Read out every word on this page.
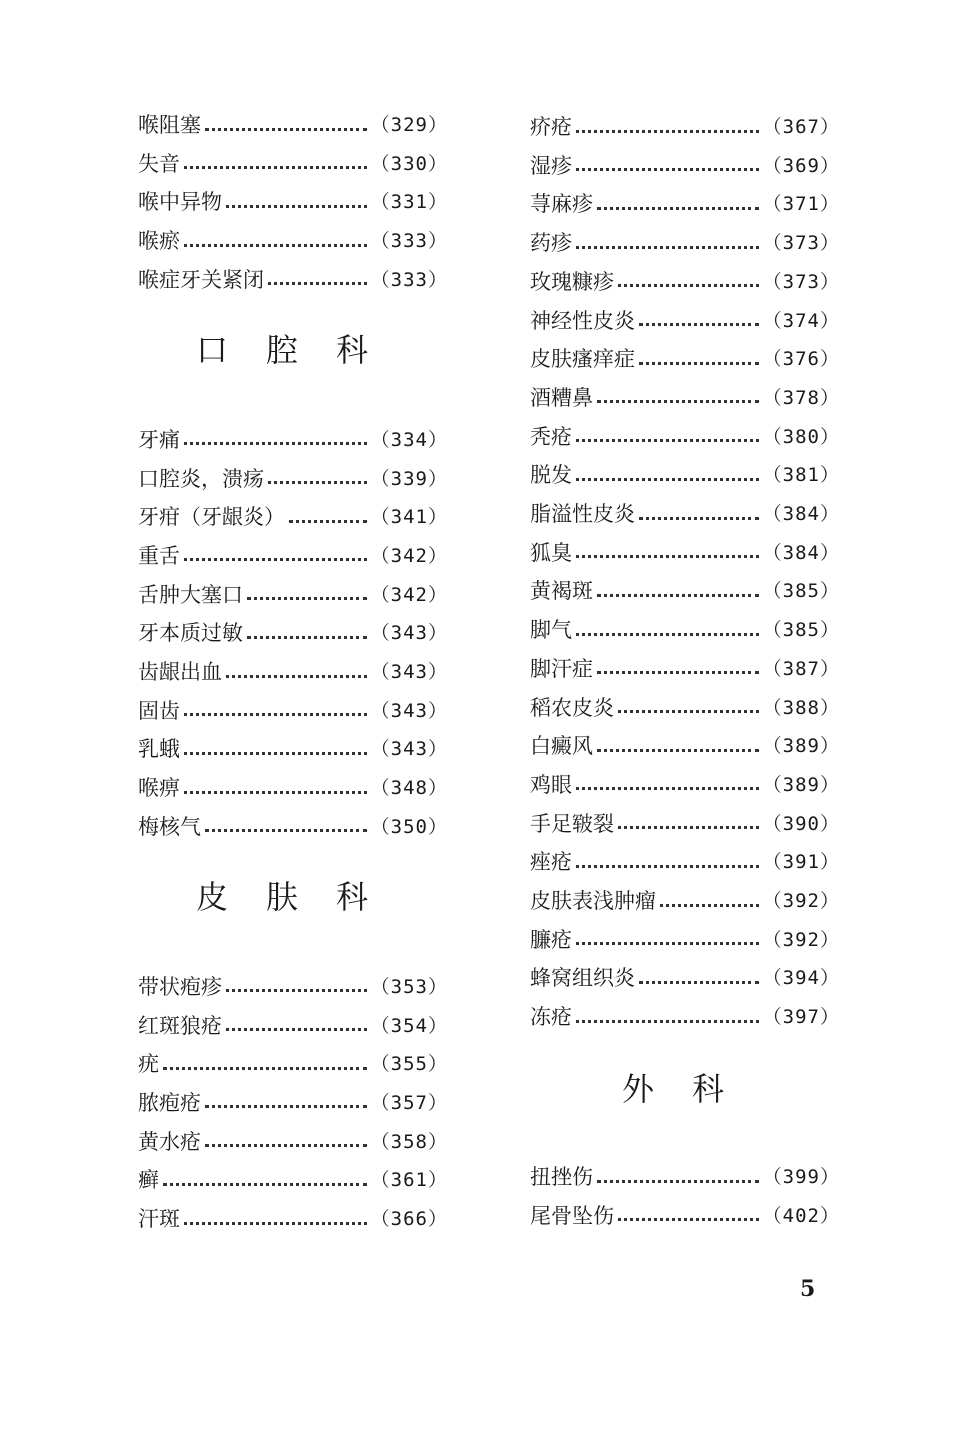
喉阻塞	（329）
失音	（330）
喉中异物	（331）
喉瘀	（333）
喉症牙关紧闭	（333）
口腔科
牙痛	（334）
口腔炎，溃疡	（339）
牙疳（牙龈炎）	（341）
重舌	（342）
舌肿大塞口	（342）
牙本质过敏	（343）
齿龈出血	（343）
固齿	（343）
乳蛾	（343）
喉痹	（348）
梅核气	（350）
皮肤科
带状疱疹	（353）
红斑狼疮	（354）
疣	（355）
脓疱疮	（357）
黄水疮	（358）
癣	（361）
汗斑	（366）
疥疮	（367）
湿疹	（369）
荨麻疹	（371）
药疹	（373）
玫瑰糠疹	（373）
神经性皮炎	（374）
皮肤瘙痒症	（376）
酒糟鼻	（378）
秃疮	（380）
脱发	（381）
脂溢性皮炎	（384）
狐臭	（384）
黄褐斑	（385）
脚气	（385）
脚汗症	（387）
稻农皮炎	（388）
白癜风	（389）
鸡眼	（389）
手足皲裂	（390）
痤疮	（391）
皮肤表浅肿瘤	（392）
臁疮	（392）
蜂窝组织炎	（394）
冻疮	（397）
外科
扭挫伤	（399）
尾骨坠伤	（402）
5
